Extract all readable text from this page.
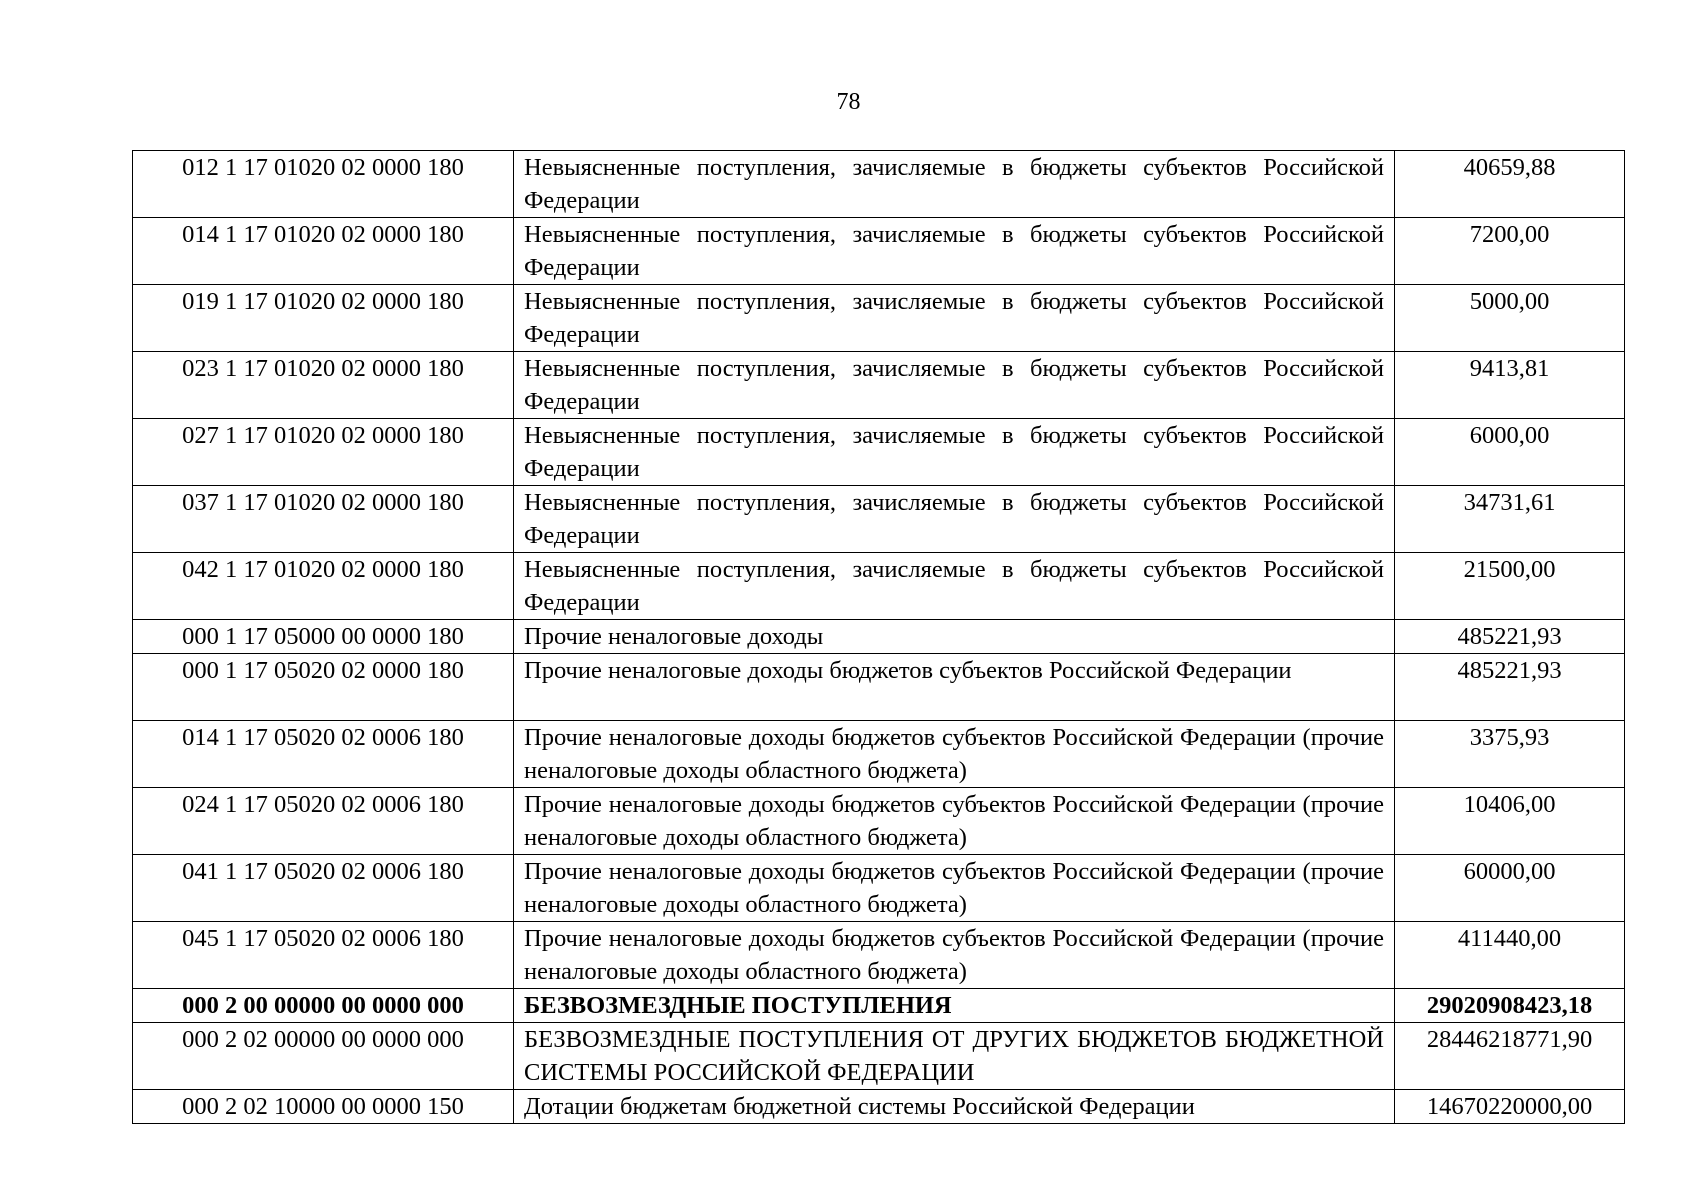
78
012 1 17 01020 02 0000 180	Невыясненные поступления, зачисляемые в бюджеты субъектов Российской Федерации	40659,88
014 1 17 01020 02 0000 180	Невыясненные поступления, зачисляемые в бюджеты субъектов Российской Федерации	7200,00
019 1 17 01020 02 0000 180	Невыясненные поступления, зачисляемые в бюджеты субъектов Российской Федерации	5000,00
023 1 17 01020 02 0000 180	Невыясненные поступления, зачисляемые в бюджеты субъектов Российской Федерации	9413,81
027 1 17 01020 02 0000 180	Невыясненные поступления, зачисляемые в бюджеты субъектов Российской Федерации	6000,00
037 1 17 01020 02 0000 180	Невыясненные поступления, зачисляемые в бюджеты субъектов Российской Федерации	34731,61
042 1 17 01020 02 0000 180	Невыясненные поступления, зачисляемые в бюджеты субъектов Российской Федерации	21500,00
000 1 17 05000 00 0000 180	Прочие неналоговые доходы	485221,93
000 1 17 05020 02 0000 180	Прочие неналоговые доходы бюджетов субъектов Российской Федерации	485221,93
014 1 17 05020 02 0006 180	Прочие неналоговые доходы бюджетов субъектов Российской Федерации (прочие неналоговые доходы областного бюджета)	3375,93
024 1 17 05020 02 0006 180	Прочие неналоговые доходы бюджетов субъектов Российской Федерации (прочие неналоговые доходы областного бюджета)	10406,00
041 1 17 05020 02 0006 180	Прочие неналоговые доходы бюджетов субъектов Российской Федерации (прочие неналоговые доходы областного бюджета)	60000,00
045 1 17 05020 02 0006 180	Прочие неналоговые доходы бюджетов субъектов Российской Федерации (прочие неналоговые доходы областного бюджета)	411440,00
000 2 00 00000 00 0000 000	БЕЗВОЗМЕЗДНЫЕ ПОСТУПЛЕНИЯ	29020908423,18
000 2 02 00000 00 0000 000	БЕЗВОЗМЕЗДНЫЕ ПОСТУПЛЕНИЯ ОТ ДРУГИХ БЮДЖЕТОВ БЮДЖЕТНОЙ СИСТЕМЫ РОССИЙСКОЙ ФЕДЕРАЦИИ	28446218771,90
000 2 02 10000 00 0000 150	Дотации бюджетам бюджетной системы Российской Федерации	14670220000,00
